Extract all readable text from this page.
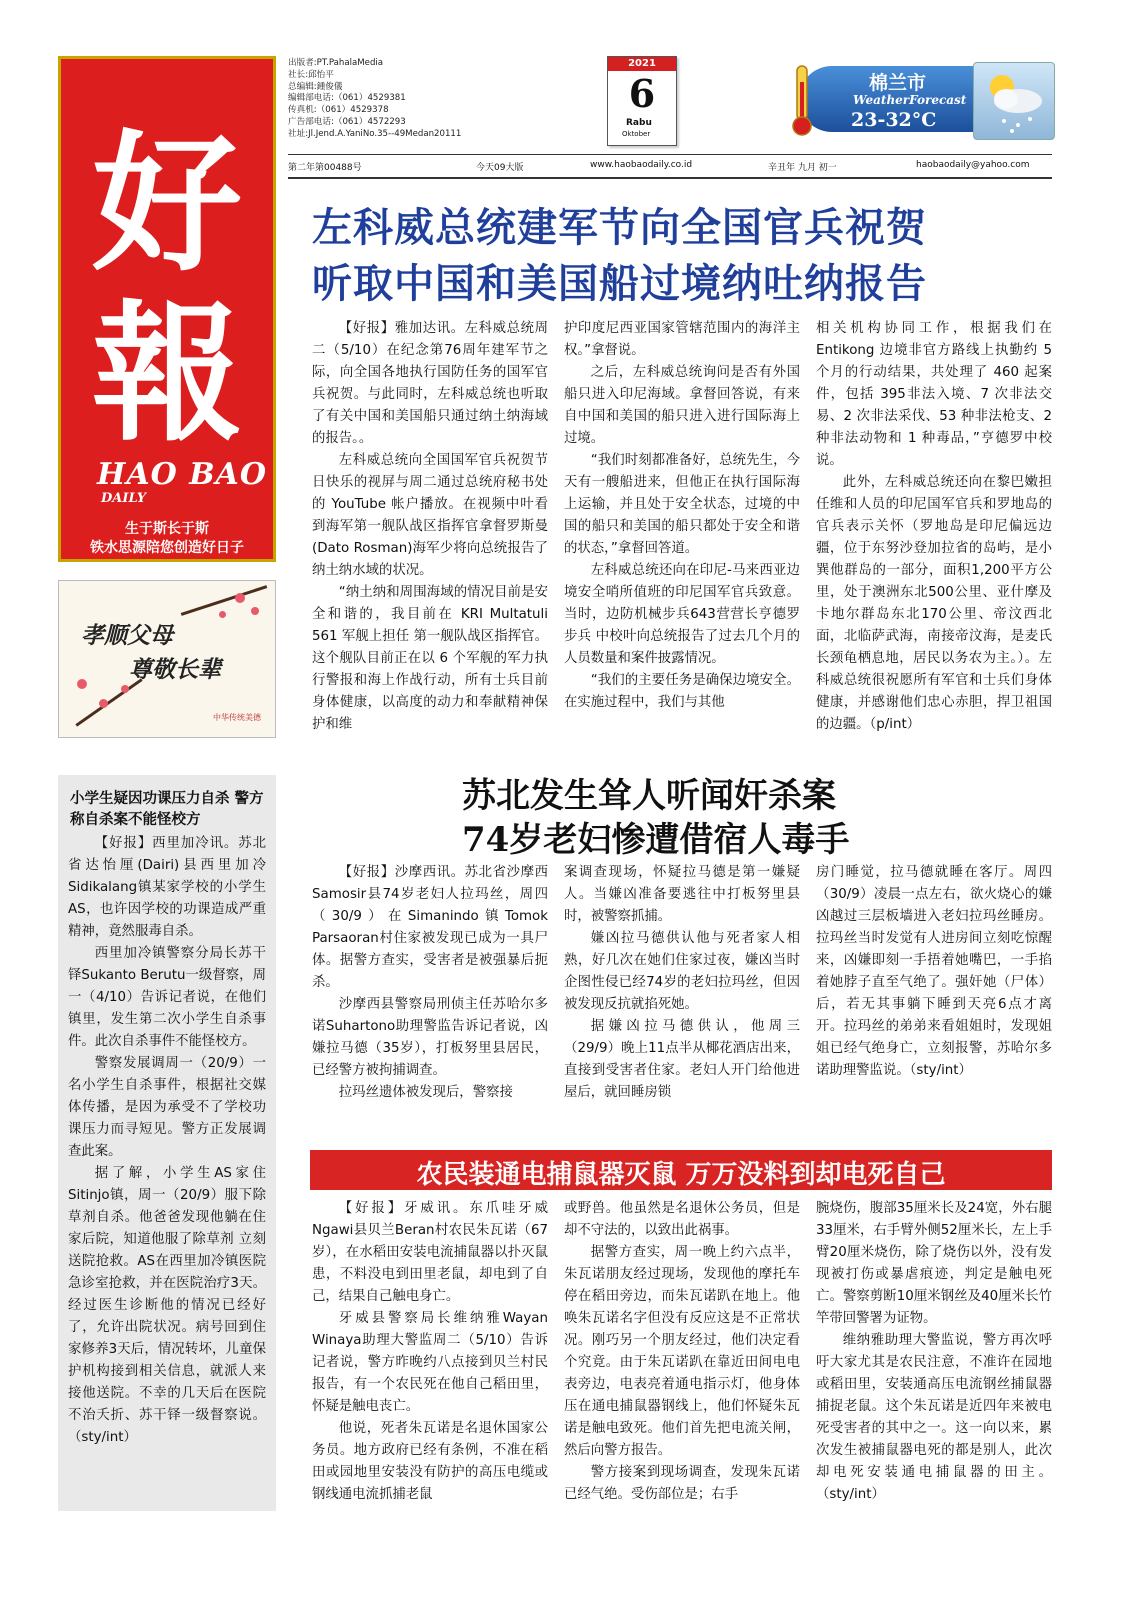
好
報
HAO BAO
DAILY
生于斯长于斯
铁水思源陪您创造好日子
孝顺父母
尊敬长辈
中华传统美德
出版者:PT.PahalaMedia
社长:邱怡平
总编辑:鍾俊儀
编辑部电话:（061）4529381
传真机:（061）4529378
广告部电话:（061）4572293
社址:Jl.Jend.A.YaniNo.35--49Medan20111
2021
6
Rabu
Oktober
棉兰市
WeatherForecast
23-32°C
第二年第00488号	今天09大版	www.haobaodaily.co.id	辛丑年 九月 初一	haobaodaily@yahoo.com
左科威总统建军节向全国官兵祝贺
听取中国和美国船过境纳吐纳报告

【好报】雅加达讯。左科威总统周二（5/10）在纪念第76周年建军节之际，向全国各地执行国防任务的国军官兵祝贺。与此同时，左科威总统也听取了有关中国和美国船只通过纳土纳海域的报告。。

左科威总统向全国国军官兵祝贺节日快乐的视屏与周二通过总统府秘书处的 YouTube 帐户播放。在视频中叶看到海军第一舰队战区指挥官拿督罗斯曼(Dato Rosman)海军少将向总统报告了纳土纳水域的状况。

“纳土纳和周围海域的情况目前是安全和谐的，我目前在 KRI Multatuli 561 军舰上担任 第一舰队战区指挥官。这个舰队目前正在以 6 个军舰的军力执行警报和海上作战行动，所有士兵目前身体健康，以高度的动力和奉献精神保护和维

护印度尼西亚国家管辖范围内的海洋主权。”拿督说。

之后，左科威总统询问是否有外国船只进入印尼海域。拿督回答说，有来自中国和美国的船只进入进行国际海上过境。

“我们时刻都准备好，总统先生，今天有一艘船进来，但他正在执行国际海上运输，并且处于安全状态，过境的中国的船只和美国的船只都处于安全和谐的状态，”拿督回答道。

左科威总统还向在印尼-马来西亚边境安全哨所值班的印尼国军官兵致意。当时，边防机械步兵643营营长亨德罗步兵 中校叶向总统报告了过去几个月的人员数量和案件披露情况。

“我们的主要任务是确保边境安全。在实施过程中，我们与其他

相关机构协同工作，根据我们在 Entikong 边境非官方路线上执勤约 5 个月的行动结果，共处理了 460 起案件，包括 395非法入境、7 次非法交易、2 次非法采伐、53 种非法枪支、2 种非法动物和 1 种毒品，”亨德罗中校说。

此外，左科威总统还向在黎巴嫩担任维和人员的印尼国军官兵和罗地岛的官兵表示关怀（罗地岛是印尼偏远边疆，位于东努沙登加拉省的岛屿，是小巽他群岛的一部分，面积1,200平方公里，处于澳洲东北500公里、亚什摩及卡地尔群岛东北170公里、帝汶西北面，北临萨武海，南接帝汶海，是麦氏长颈龟栖息地，居民以务农为主。）。左科威总统很祝愿所有军官和士兵们身体健康，并感谢他们忠心赤胆，捍卫祖国的边疆。（p/int）

小学生疑因功课压力自杀 警方称自杀案不能怪校方

【好报】西里加冷讯。苏北省达怡厘(Dairi)县西里加冷Sidikalang镇某家学校的小学生AS，也许因学校的功课造成严重精神，竟然服毒自杀。

西里加冷镇警察分局长苏干铎Sukanto Berutu一级督察，周一（4/10）告诉记者说，在他们镇里，发生第二次小学生自杀事件。此次自杀事件不能怪校方。

警察发展调周一（20/9）一名小学生自杀事件，根据社交媒体传播，是因为承受不了学校功课压力而寻短见。警方正发展调查此案。

据了解，小学生AS家住Sitinjo镇，周一（20/9）服下除草剂自杀。他爸爸发现他躺在住家后院，知道他服了除草剂 立刻送院抢救。AS在西里加冷镇医院急诊室抢救，并在医院治疗3天。经过医生诊断他的情况已经好了，允许出院状况。病号回到住家修养3天后，情况转坏，儿童保护机构接到相关信息，就派人来接他送院。不幸的几天后在医院不治夭折、苏干铎一级督察说。（sty/int）

苏北发生耸人听闻奸杀案
74岁老妇惨遭借宿人毒手

【好报】沙摩西讯。苏北省沙摩西Samosir县74岁老妇人拉玛丝，周四（30/9）在Simanindo镇Tomok Parsaoran村住家被发现已成为一具尸体。据警方查实，受害者是被强暴后扼杀。

沙摩西县警察局刑侦主任苏哈尔多诺Suhartono助理警监告诉记者说，凶嫌拉马德（35岁），打板努里县居民，已经警方被拘捕调查。

拉玛丝遗体被发现后，警察接

案调查现场，怀疑拉马德是第一嫌疑人。当嫌凶准备要逃往中打板努里县时，被警察抓捕。

嫌凶拉马德供认他与死者家人相熟，好几次在她们住家过夜，嫌凶当时企图性侵已经74岁的老妇拉玛丝，但因被发现反抗就掐死她。

据嫌凶拉马德供认，他周三（29/9）晚上11点半从椰花酒店出来，直接到受害者住家。老妇人开门给他进屋后，就回睡房锁

房门睡觉，拉马德就睡在客厅。周四（30/9）凌晨一点左右，欲火烧心的嫌凶越过三层板墙进入老妇拉玛丝睡房。拉玛丝当时发觉有人进房间立刻吃惊醒来，凶嫌即刻一手捂着她嘴巴，一手掐着她脖子直至气绝了。强奸她（尸体）后，若无其事躺下睡到天亮6点才离开。拉玛丝的弟弟来看姐姐时，发现姐姐已经气绝身亡，立刻报警，苏哈尔多诺助理警监说。（sty/int）

农民装通电捕鼠器灭鼠 万万没料到却电死自己

【好报】牙威讯。东爪哇牙威Ngawi县贝兰Beran村农民朱瓦诺（67岁），在水稻田安装电流捕鼠器以扑灭鼠患，不料没电到田里老鼠，却电到了自己，结果自己触电身亡。

牙威县警察局长维纳雅Wayan Winaya助理大警监周二（5/10）告诉记者说，警方昨晚约八点接到贝兰村民报告，有一个农民死在他自己稻田里，怀疑是触电丧亡。

他说，死者朱瓦诺是名退休国家公务员。地方政府已经有条例，不准在稻田或园地里安装没有防护的高压电缆或钢线通电流抓捕老鼠

或野兽。他虽然是名退休公务员，但是却不守法的，以致出此祸事。

据警方查实，周一晚上约六点半，朱瓦诺朋友经过现场，发现他的摩托车停在稻田旁边，而朱瓦诺趴在地上。他唤朱瓦诺名字但没有反应这是不正常状况。刚巧另一个朋友经过，他们决定看个究竟。由于朱瓦诺趴在靠近田间电电表旁边，电表亮着通电指示灯，他身体压在通电捕鼠器钢线上，他们怀疑朱瓦诺是触电致死。他们首先把电流关闸，然后向警方报告。

警方接案到现场调查，发现朱瓦诺已经气绝。受伤部位是；右手

腕烧伤，腹部35厘米长及24宽，外右腿33厘米，右手臂外侧52厘米长，左上手臂20厘米烧伤，除了烧伤以外，没有发现被打伤或暴虐痕迹，判定是触电死亡。警察剪断10厘米钢丝及40厘米长竹竿带回警署为证物。

维纳雅助理大警监说，警方再次呼吁大家尤其是农民注意，不准许在园地或稻田里，安装通高压电流钢丝捕鼠器捕捉老鼠。这个朱瓦诺是近四年来被电死受害者的其中之一。这一向以来，累次发生被捕鼠器电死的都是别人，此次却电死安装通电捕鼠器的田主。（sty/int）
